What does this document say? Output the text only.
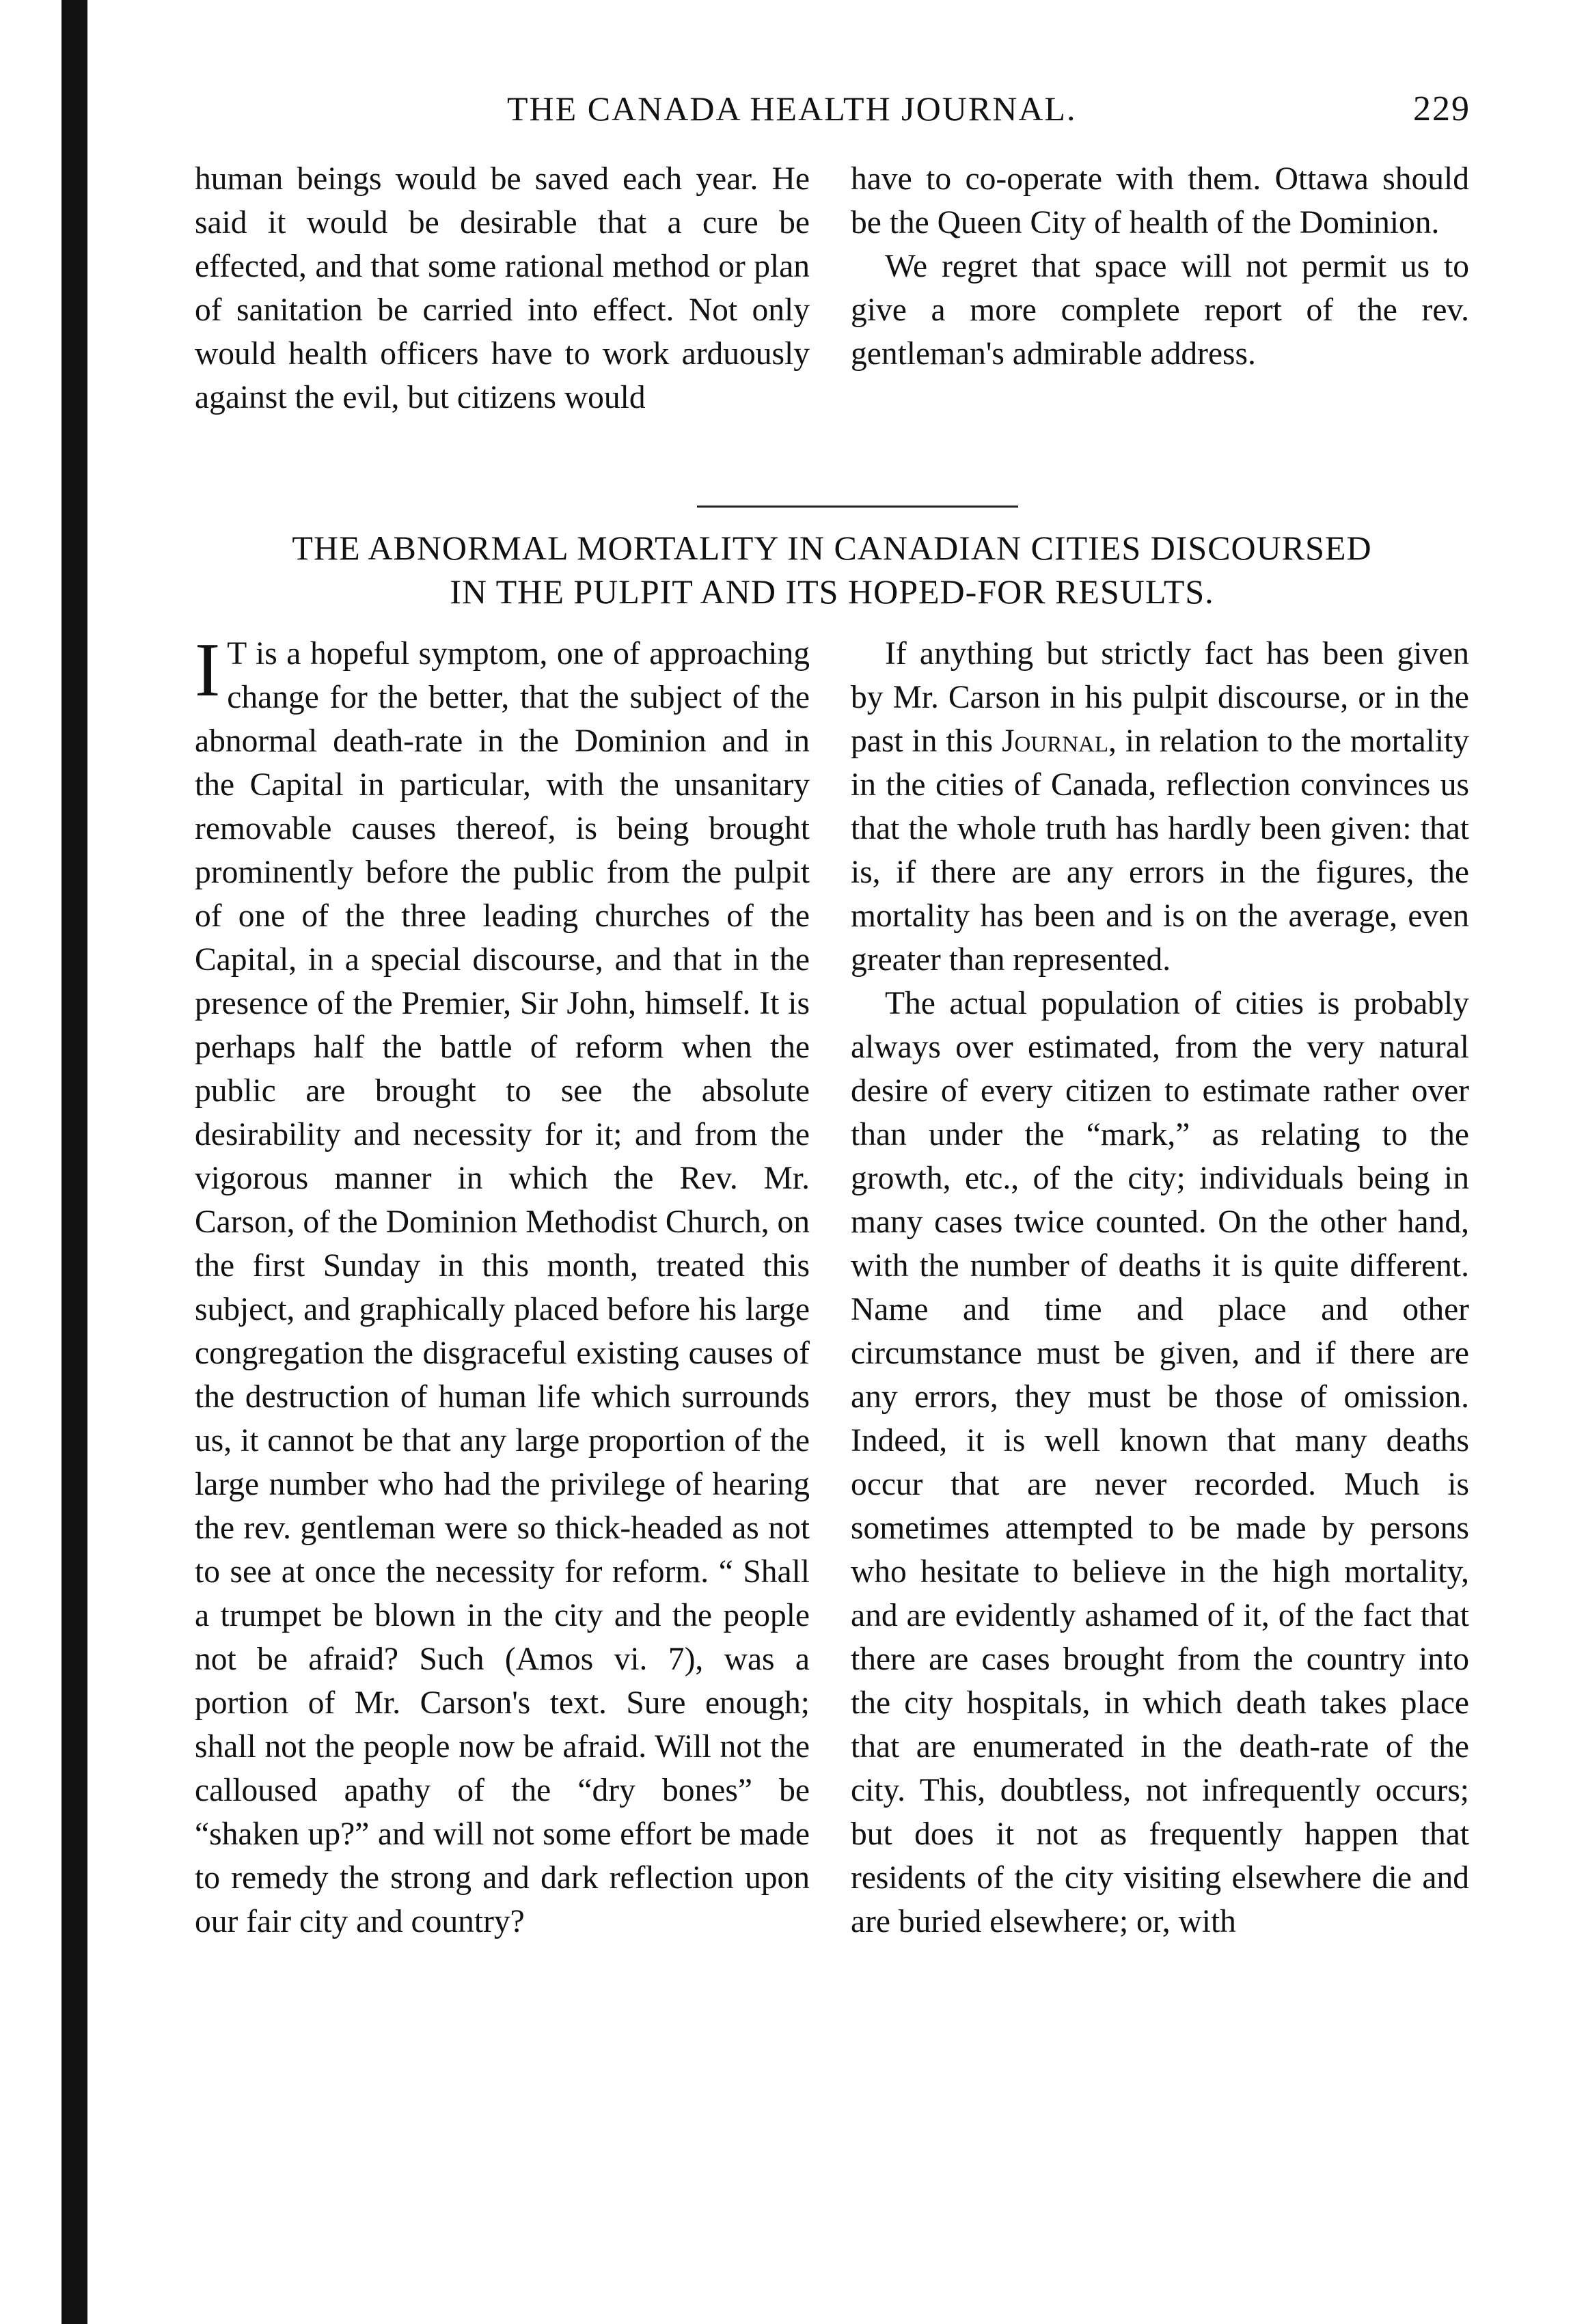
THE CANADA HEALTH JOURNAL.	229

human beings would be saved each year. He said it would be desirable that a cure be effected, and that some rational method or plan of sanitation be carried into effect. Not only would health officers have to work arduously against the evil, but citizens would

have to co-operate with them. Ottawa should be the Queen City of health of the Dominion.

We regret that space will not permit us to give a more complete report of the rev. gentleman's admirable address.

THE ABNORMAL MORTALITY IN CANADIAN CITIES DISCOURSED
IN THE PULPIT AND ITS HOPED-FOR RESULTS.

I T is a hopeful symptom, one of approaching change for the better, that the subject of the abnormal death-rate in the Dominion and in the Capital in particular, with the unsanitary removable causes thereof, is being brought prominently before the public from the pulpit of one of the three leading churches of the Capital, in a special discourse, and that in the presence of the Premier, Sir John, himself. It is perhaps half the battle of reform when the public are brought to see the absolute desirability and necessity for it; and from the vigorous manner in which the Rev. Mr. Carson, of the Dominion Methodist Church, on the first Sunday in this month, treated this subject, and graphically placed before his large congregation the disgraceful existing causes of the destruction of human life which surrounds us, it cannot be that any large proportion of the large number who had the privilege of hearing the rev. gentleman were so thick-headed as not to see at once the necessity for reform. “ Shall a trumpet be blown in the city and the people not be afraid? Such (Amos vi. 7), was a portion of Mr. Carson's text. Sure enough; shall not the people now be afraid. Will not the calloused apathy of the “dry bones” be “shaken up?” and will not some effort be made to remedy the strong and dark reflection upon our fair city and country?

If anything but strictly fact has been given by Mr. Carson in his pulpit discourse, or in the past in this Journal, in relation to the mortality in the cities of Canada, reflection convinces us that the whole truth has hardly been given: that is, if there are any errors in the figures, the mortality has been and is on the average, even greater than represented.

The actual population of cities is probably always over estimated, from the very natural desire of every citizen to estimate rather over than under the “mark,” as relating to the growth, etc., of the city; individuals being in many cases twice counted. On the other hand, with the number of deaths it is quite different. Name and time and place and other circumstance must be given, and if there are any errors, they must be those of omission. Indeed, it is well known that many deaths occur that are never recorded. Much is sometimes attempted to be made by persons who hesitate to believe in the high mortality, and are evidently ashamed of it, of the fact that there are cases brought from the country into the city hospitals, in which death takes place that are enumerated in the death-rate of the city. This, doubtless, not infrequently occurs; but does it not as frequently happen that residents of the city visiting elsewhere die and are buried elsewhere; or, with
